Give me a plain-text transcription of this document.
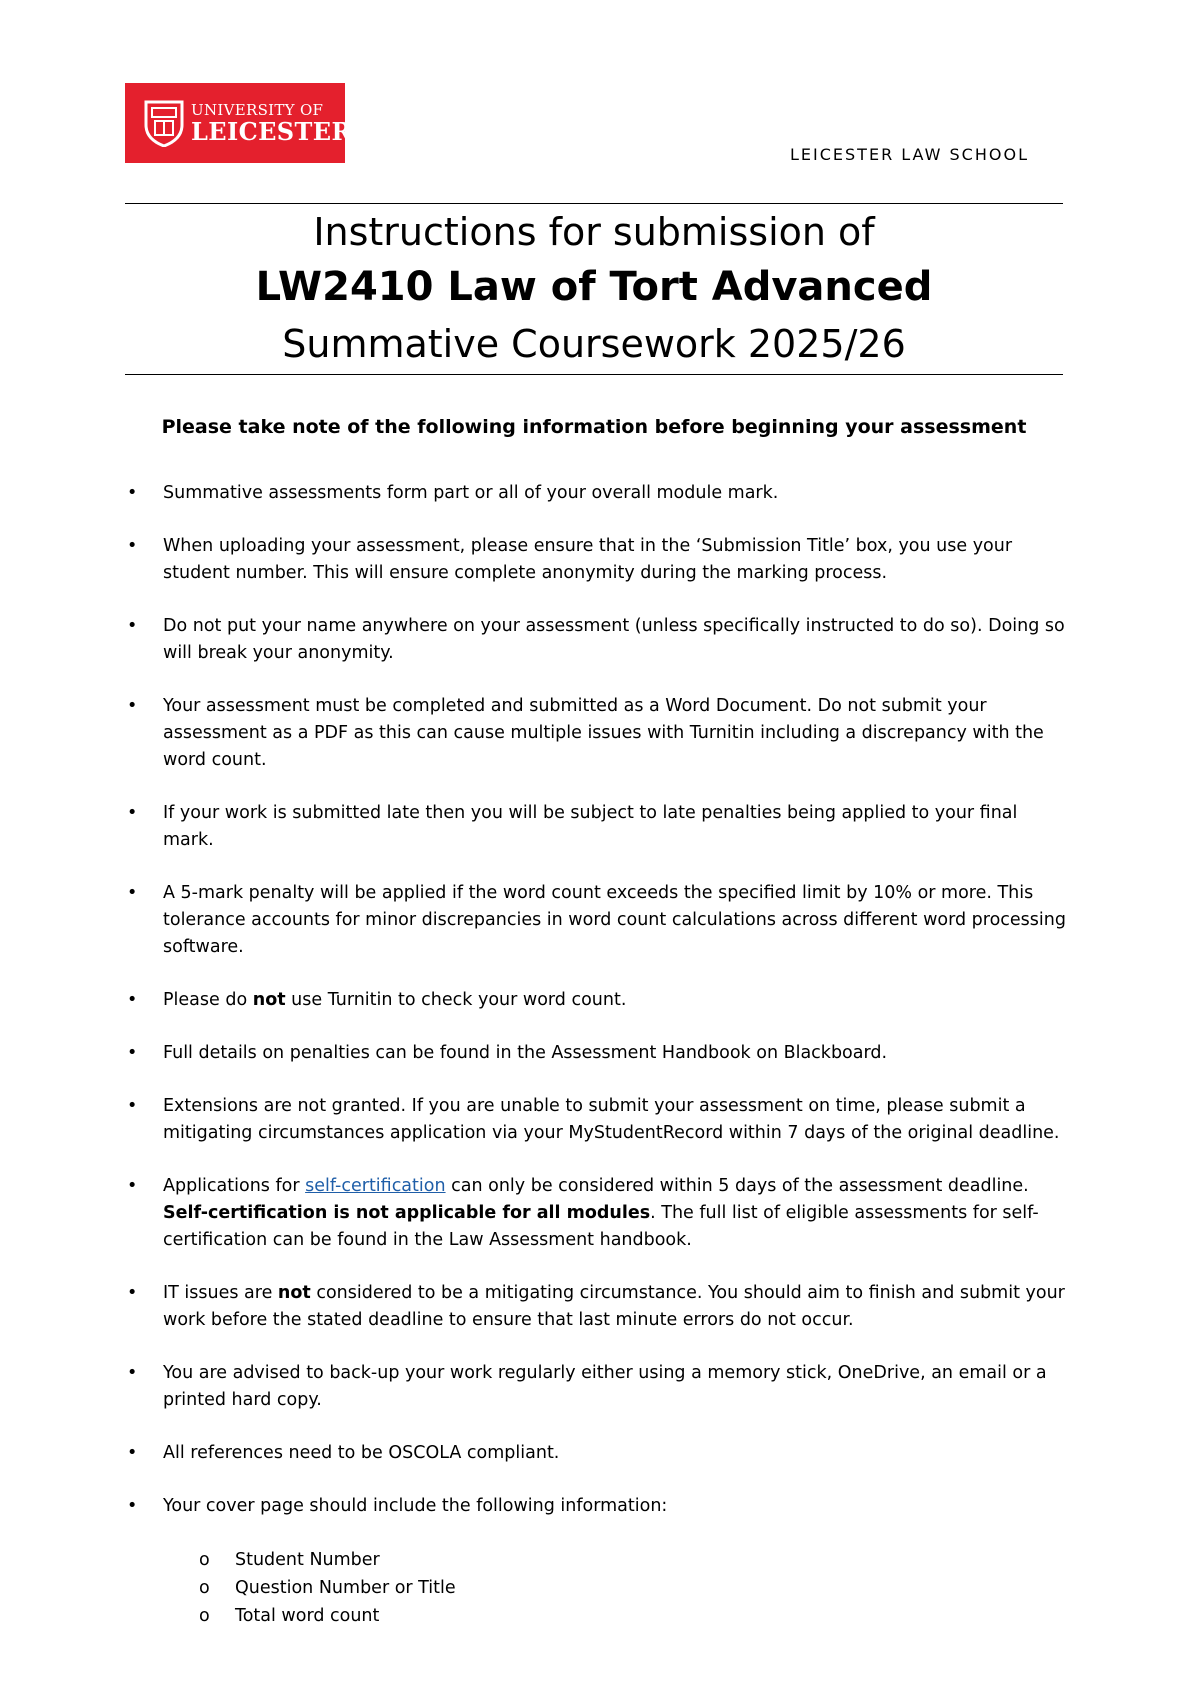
UNIVERSITY OF
LEICESTER
LEICESTER LAW SCHOOL
Instructions for submission of
LW2410 Law of Tort Advanced
Summative Coursework 2025/26
Please take note of the following information before beginning your assessment
• Summative assessments form part or all of your overall module mark.
• When uploading your assessment, please ensure that in the ‘Submission Title’ box, you use your student number. This will ensure complete anonymity during the marking process.
• Do not put your name anywhere on your assessment (unless specifically instructed to do so). Doing so will break your anonymity.
• Your assessment must be completed and submitted as a Word Document. Do not submit your assessment as a PDF as this can cause multiple issues with Turnitin including a discrepancy with the word count.
• If your work is submitted late then you will be subject to late penalties being applied to your final mark.
• A 5-mark penalty will be applied if the word count exceeds the specified limit by 10% or more. This tolerance accounts for minor discrepancies in word count calculations across different word processing software.
• Please do not use Turnitin to check your word count.
• Full details on penalties can be found in the Assessment Handbook on Blackboard.
• Extensions are not granted. If you are unable to submit your assessment on time, please submit a mitigating circumstances application via your MyStudentRecord within 7 days of the original deadline.
• Applications for self-certification can only be considered within 5 days of the assessment deadline. Self-certification is not applicable for all modules. The full list of eligible assessments for self-certification can be found in the Law Assessment handbook.
• IT issues are not considered to be a mitigating circumstance. You should aim to finish and submit your work before the stated deadline to ensure that last minute errors do not occur.
• You are advised to back-up your work regularly either using a memory stick, OneDrive, an email or a printed hard copy.
• All references need to be OSCOLA compliant.
• Your cover page should include the following information:
o Student Number
o Question Number or Title
o Total word count
